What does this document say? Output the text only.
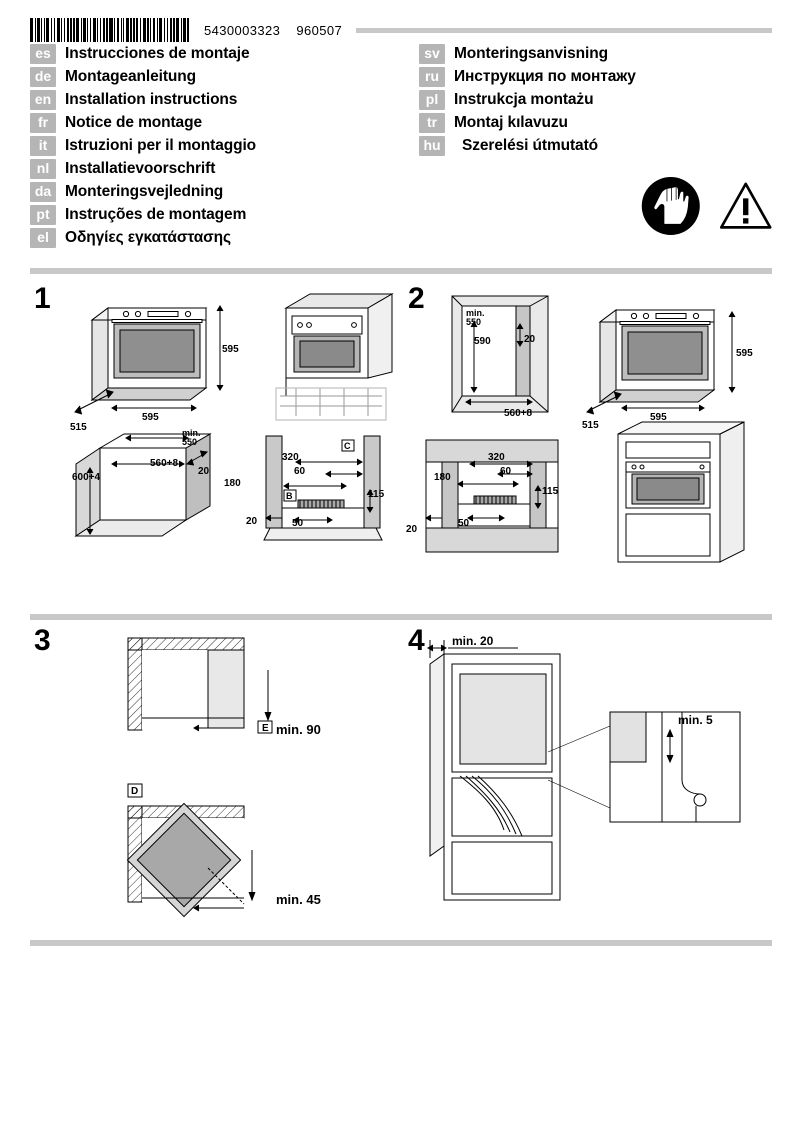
5430003323 960507
es Instrucciones de montaje
de Montageanleitung
en Installation instructions
fr	Notice de montage
it	Istruzioni per il montaggio
nl	Installatievoorschrift
da Monteringsvejledning
pt Instruções de montagem
el	Οδηγίες εγκατάστασης
sv Monteringsanvisning
ru Инструкция по монтажу
pl	Instrukcja montażu
tr	Montaj kılavuzu
hu Szerelési útmutató
1	2
595
515
595
min.
550
560+8
600+4
20
320
60
180
115
20	50
B
C
min.
550
590	20
560+8
595
515
595
320
60
180
115
20
50
3	4
E min. 90
D
min. 45
min. 20
min. 5
